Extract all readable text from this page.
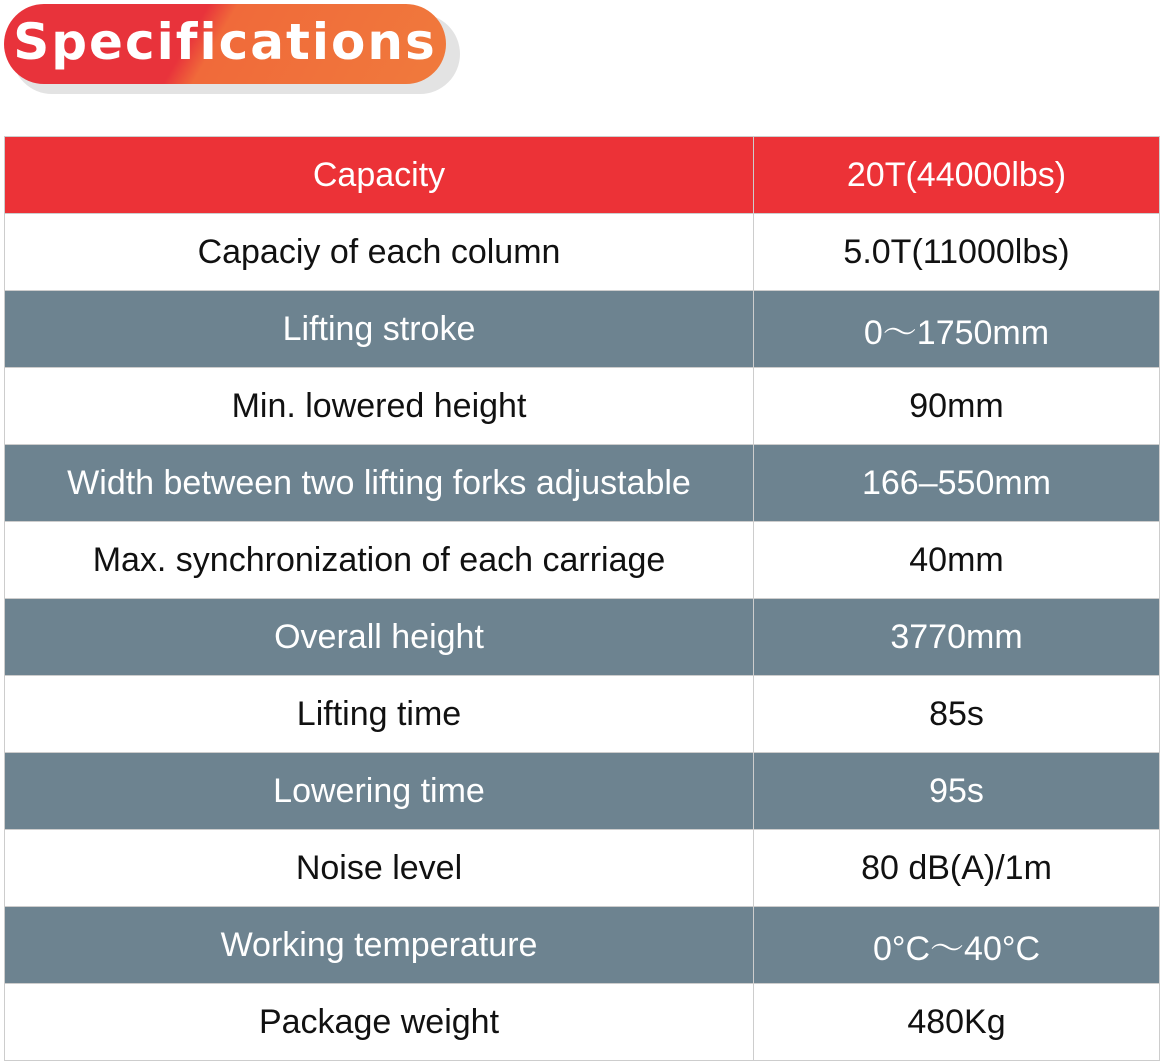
Specifications
Capacity	20T(44000lbs)
Capaciy of each column	5.0T(11000lbs)
Lifting stroke	0～1750mm
Min. lowered height	90mm
Width between two lifting forks adjustable	166–550mm
Max. synchronization of each carriage	40mm
Overall height	3770mm
Lifting time	85s
Lowering time	95s
Noise level	80 dB(A)/1m
Working temperature	0°C～40°C
Package weight	480Kg
